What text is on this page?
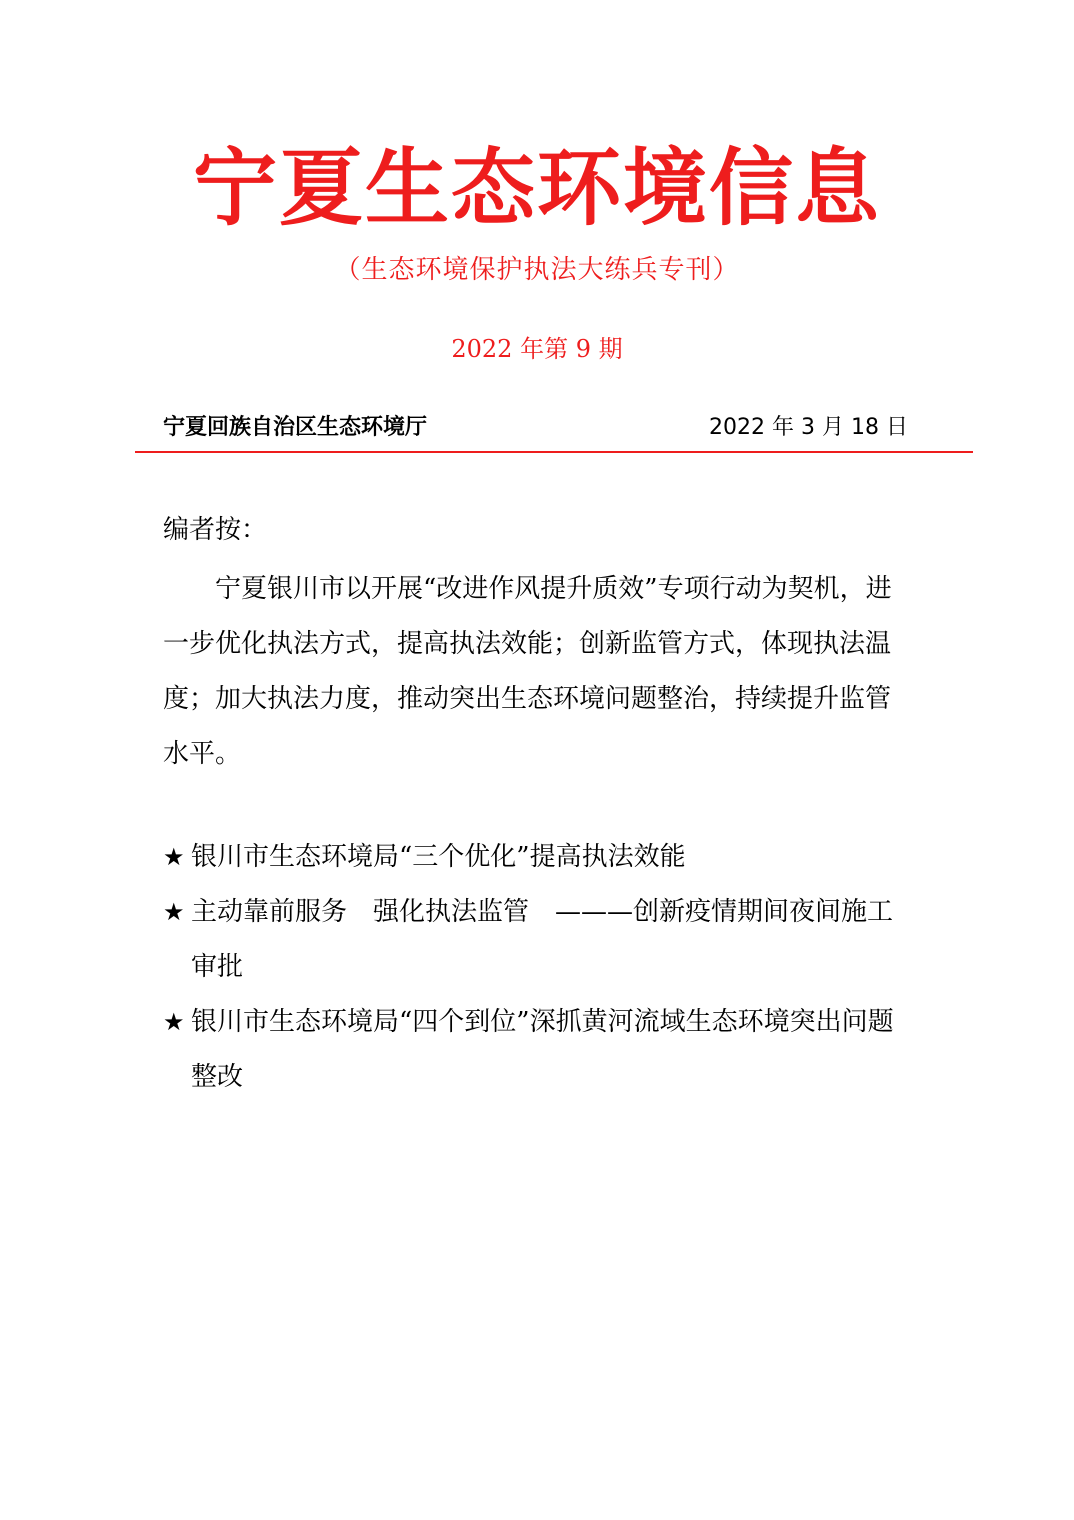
宁夏生态环境信息
（生态环境保护执法大练兵专刊）
2022 年第 9 期
宁夏回族自治区生态环境厅	2022 年 3 月 18 日
编者按：

宁夏银川市以开展“改进作风提升质效”专项行动为契机，进一步优化执法方式，提高执法效能；创新监管方式，体现执法温度；加大执法力度，推动突出生态环境问题整治，持续提升监管水平。

★ 银川市生态环境局“三个优化”提高执法效能
★ 主动靠前服务　强化执法监管　———创新疫情期间夜间施工审批
★ 银川市生态环境局“四个到位”深抓黄河流域生态环境突出问题整改
